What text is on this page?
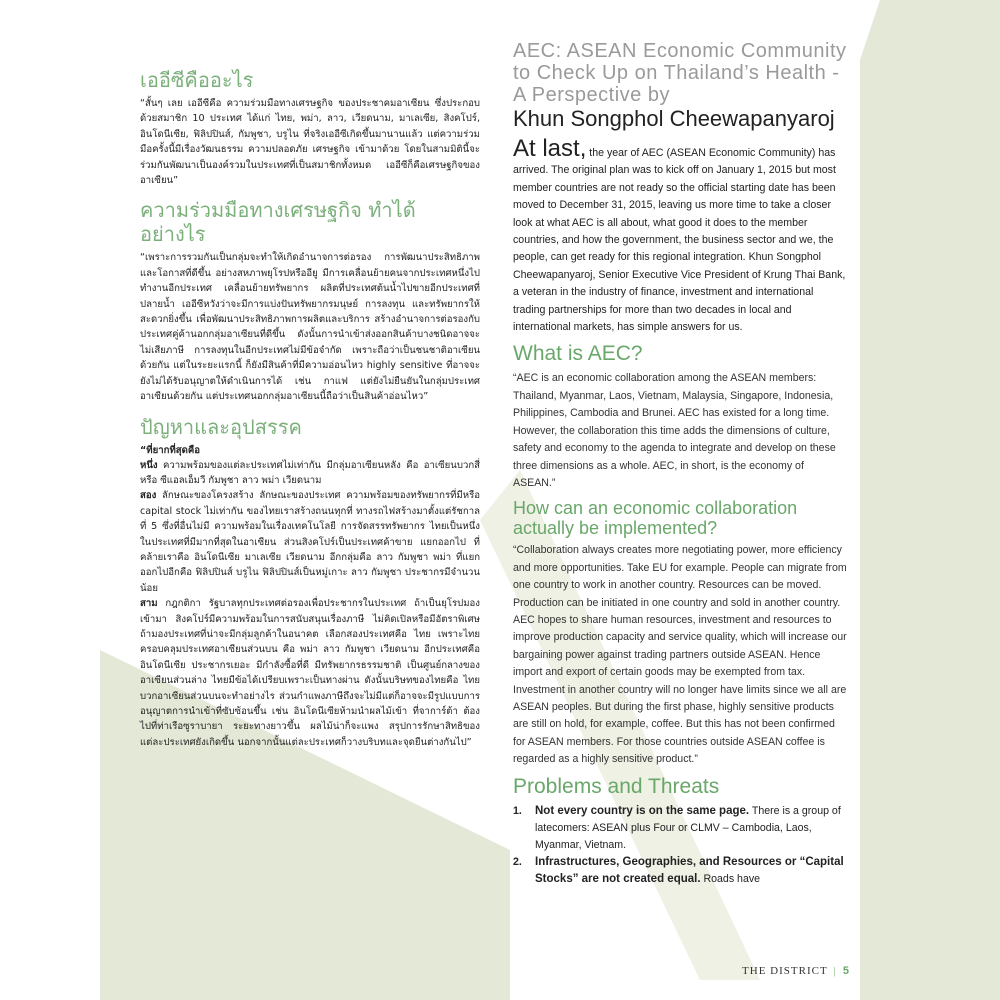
เออีซีคืออะไร

“สั้นๆ เลย เออีซีคือ ความร่วมมือทางเศรษฐกิจ ของประชาคมอาเซียน ซึ่งประกอบด้วยสมาชิก 10 ประเทศ ได้แก่ ไทย, พม่า, ลาว, เวียดนาม, มาเลเซีย, สิงคโปร์, อินโดนีเซีย, ฟิลิปปินส์, กัมพูชา, บรูไน ที่จริงเออีซีเกิดขึ้นมานานแล้ว แต่ความร่วมมือครั้งนี้มีเรื่องวัฒนธรรม ความปลอดภัย เศรษฐกิจ เข้ามาด้วย โดยในสามมิตินี้จะร่วมกันพัฒนาเป็นองค์รวมในประเทศที่เป็นสมาชิกทั้งหมด เออีซีก็คือเศรษฐกิจของอาเซียน”

ความร่วมมือทางเศรษฐกิจ ทำได้อย่างไร

“เพราะการรวมกันเป็นกลุ่มจะทำให้เกิดอำนาจการต่อรอง การพัฒนาประสิทธิภาพ และโอกาสที่ดีขึ้น อย่างสหภาพยุโรปหรืออียู มีการเคลื่อนย้ายคนจากประเทศหนึ่งไปทำงานอีกประเทศ เคลื่อนย้ายทรัพยากร ผลิตที่ประเทศต้นน้ำไปขายอีกประเทศที่ปลายน้ำ เออีซีหวังว่าจะมีการแบ่งปันทรัพยากรมนุษย์ การลงทุน และทรัพยากรให้สะดวกยิ่งขึ้น เพื่อพัฒนาประสิทธิภาพการผลิตและบริการ สร้างอำนาจการต่อรองกับประเทศคู่ค้านอกกลุ่มอาเซียนที่ดีขึ้น ดังนั้นการนำเข้าส่งออกสินค้าบางชนิดอาจจะไม่เสียภาษี การลงทุนในอีกประเทศไม่มีข้อจำกัด เพราะถือว่าเป็นชนชาติอาเซียนด้วยกัน แต่ในระยะแรกนี้ ก็ยังมีสินค้าที่มีความอ่อนไหว highly sensitive ที่อาจจะยังไม่ได้รับอนุญาตให้ดำเนินการได้ เช่น กาแฟ แต่ยังไม่ยืนยันในกลุ่มประเทศอาเซียนด้วยกัน แต่ประเทศนอกกลุ่มอาเซียนนี้ถือว่าเป็นสินค้าอ่อนไหว”

ปัญหาและอุปสรรค

“ที่ยากที่สุดคือ

หนึ่ง ความพร้อมของแต่ละประเทศไม่เท่ากัน มีกลุ่มอาเซียนหลัง คือ อาเซียนบวกสี่ หรือ ซีแอลเอ็มวี กัมพูชา ลาว พม่า เวียดนาม

สอง ลักษณะของโครงสร้าง ลักษณะของประเทศ ความพร้อมของทรัพยากรที่มีหรือ capital stock ไม่เท่ากัน ของไทยเราสร้างถนนทุกที่ ทางรถไฟสร้างมาตั้งแต่รัชกาลที่ 5 ซึ่งที่อื่นไม่มี ความพร้อมในเรื่องเทคโนโลยี การจัดสรรทรัพยากร ไทยเป็นหนึ่งในประเทศที่มีมากที่สุดในอาเซียน ส่วนสิงคโปร์เป็นประเทศค้าขาย แยกออกไป ที่คล้ายเราคือ อินโดนีเซีย มาเลเซีย เวียดนาม อีกกลุ่มคือ ลาว กัมพูชา พม่า ที่แยกออกไปอีกคือ ฟิลิปปินส์ บรูไน ฟิลิปปินส์เป็นหมู่เกาะ ลาว กัมพูชา ประชากรมีจำนวนน้อย

สาม กฎกติกา รัฐบาลทุกประเทศต่อรองเพื่อประชากรในประเทศ ถ้าเป็นยุโรปมองเข้ามา สิงคโปร์มีความพร้อมในการสนับสนุนเรื่องภาษี ไม่คิดเปิลหรือมีอัตราพิเศษ ถ้ามองประเทศที่น่าจะมีกลุ่มลูกค้าในอนาคต เลือกสองประเทศคือ ไทย เพราะไทยครอบคลุมประเทศอาเซียนส่วนบน คือ พม่า ลาว กัมพูชา เวียดนาม อีกประเทศคือ อินโดนีเซีย ประชากรเยอะ มีกำลังซื้อที่ดี มีทรัพยากรธรรมชาติ เป็นศูนย์กลางของอาเซียนส่วนล่าง ไทยมีข้อได้เปรียบเพราะเป็นทางผ่าน ดังนั้นบริษทของไทยคือ ไทยบวกอาเซียนส่วนบนจะทำอย่างไร ส่วนกำแพงภาษีถึงจะไม่มีแต่ก็อาจจะมีรูปแบบการอนุญาตการนำเข้าที่ซับซ้อนขึ้น เช่น อินโดนีเซียห้ามนำผลไม้เข้า ที่จาการ์ต้า ต้องไปที่ท่าเรือซูราบายา ระยะทางยาวขึ้น ผลไม้น่าก็จะแพง สรุปการรักษาสิทธิของแต่ละประเทศยังเกิดขึ้น นอกจากนั้นแต่ละประเทศก็วางบริบทและจุดยืนต่างกันไป”

AEC: ASEAN Economic Community to Check Up on Thailand’s Health - A Perspective by
Khun Songphol Cheewapanyaroj

At last, the year of AEC (ASEAN Economic Community) has arrived. The original plan was to kick off on January 1, 2015 but most member countries are not ready so the official starting date has been moved to December 31, 2015, leaving us more time to take a closer look at what AEC is all about, what good it does to the member countries, and how the government, the business sector and we, the people, can get ready for this regional integration. Khun Songphol Cheewapanyaroj, Senior Executive Vice President of Krung Thai Bank, a veteran in the industry of finance, investment and international trading partnerships for more than two decades in local and international markets, has simple answers for us.

What is AEC?

“AEC is an economic collaboration among the ASEAN members: Thailand, Myanmar, Laos, Vietnam, Malaysia, Singapore, Indonesia, Philippines, Cambodia and Brunei. AEC has existed for a long time. However, the collaboration this time adds the dimensions of culture, safety and economy to the agenda to integrate and develop on these three dimensions as a whole. AEC, in short, is the economy of ASEAN.”

How can an economic collaboration actually be implemented?

“Collaboration always creates more negotiating power, more efficiency and more opportunities. Take EU for example. People can migrate from one country to work in another country. Resources can be moved. Production can be initiated in one country and sold in another country. AEC hopes to share human resources, investment and resources to improve production capacity and service quality, which will increase our bargaining power against trading partners outside ASEAN. Hence import and export of certain goods may be exempted from tax. Investment in another country will no longer have limits since we all are ASEAN peoples. But during the first phase, highly sensitive products are still on hold, for example, coffee. But this has not been confirmed for ASEAN members. For those countries outside ASEAN coffee is regarded as a highly sensitive product.”

Problems and Threats
1. Not every country is on the same page. There is a group of latecomers: ASEAN plus Four or CLMV – Cambodia, Laos, Myanmar, Vietnam.
2. Infrastructures, Geographies, and Resources or “Capital Stocks” are not created equal. Roads have
THE DISTRICT | 5
